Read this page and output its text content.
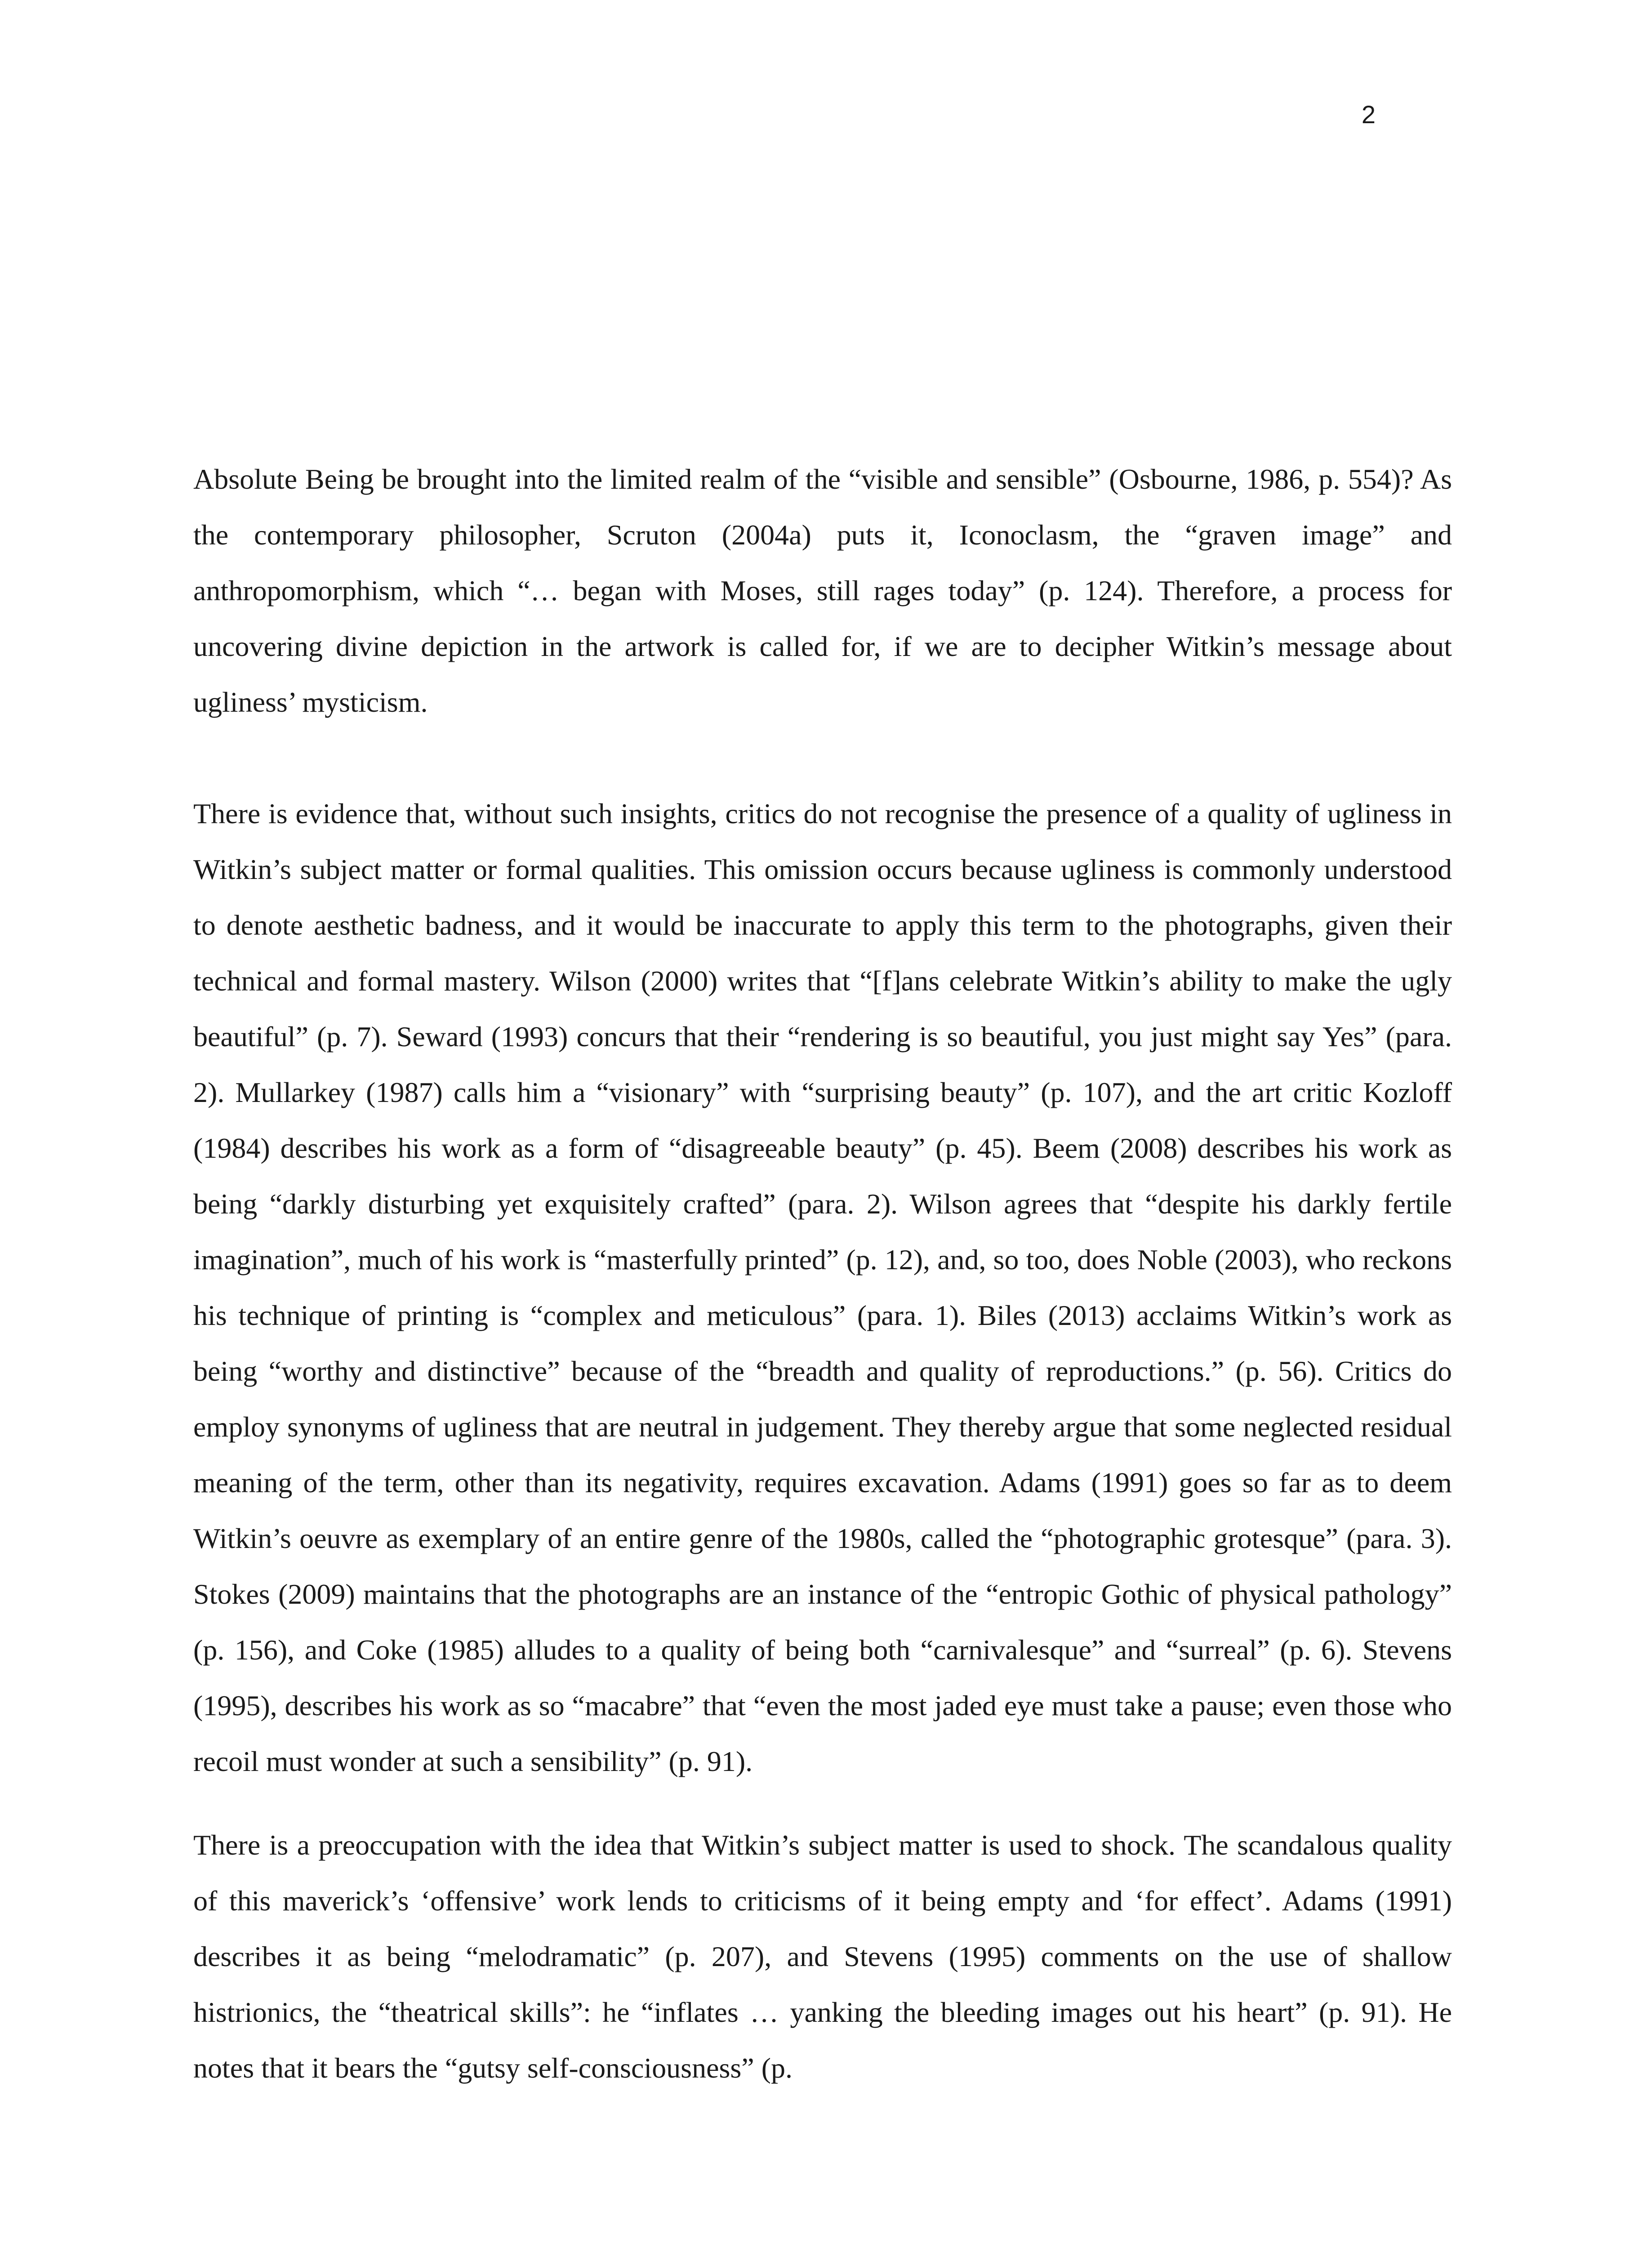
2

Absolute Being be brought into the limited realm of the “visible and sensible” (Osbourne, 1986, p. 554)? As the contemporary philosopher, Scruton (2004a) puts it, Iconoclasm, the “graven image” and anthropomorphism, which “… began with Moses, still rages today” (p. 124). Therefore, a process for uncovering divine depiction in the artwork is called for, if we are to decipher Witkin’s message about ugliness’ mysticism.

There is evidence that, without such insights, critics do not recognise the presence of a quality of ugliness in Witkin’s subject matter or formal qualities. This omission occurs because ugliness is commonly understood to denote aesthetic badness, and it would be inaccurate to apply this term to the photographs, given their technical and formal mastery. Wilson (2000) writes that “[f]ans celebrate Witkin’s ability to make the ugly beautiful” (p. 7). Seward (1993) concurs that their “rendering is so beautiful, you just might say Yes” (para. 2). Mullarkey (1987) calls him a “visionary” with “surprising beauty” (p. 107), and the art critic Kozloff (1984) describes his work as a form of “disagreeable beauty” (p. 45). Beem (2008) describes his work as being “darkly disturbing yet exquisitely crafted” (para. 2). Wilson agrees that “despite his darkly fertile imagination”, much of his work is “masterfully printed” (p. 12), and, so too, does Noble (2003), who reckons his technique of printing is “complex and meticulous” (para. 1). Biles (2013) acclaims Witkin’s work as being “worthy and distinctive” because of the “breadth and quality of reproductions.” (p. 56). Critics do employ synonyms of ugliness that are neutral in judgement. They thereby argue that some neglected residual meaning of the term, other than its negativity, requires excavation. Adams (1991) goes so far as to deem Witkin’s oeuvre as exemplary of an entire genre of the 1980s, called the “photographic grotesque” (para. 3). Stokes (2009) maintains that the photographs are an instance of the “entropic Gothic of physical pathology” (p. 156), and Coke (1985) alludes to a quality of being both “carnivalesque” and “surreal” (p. 6). Stevens (1995), describes his work as so “macabre” that “even the most jaded eye must take a pause; even those who recoil must wonder at such a sensibility” (p. 91).

There is a preoccupation with the idea that Witkin’s subject matter is used to shock. The scandalous quality of this maverick’s ‘offensive’ work lends to criticisms of it being empty and ‘for effect’. Adams (1991) describes it as being “melodramatic” (p. 207), and Stevens (1995) comments on the use of shallow histrionics, the “theatrical skills”: he “inflates … yanking the bleeding images out his heart” (p. 91). He notes that it bears the “gutsy self-consciousness” (p.
